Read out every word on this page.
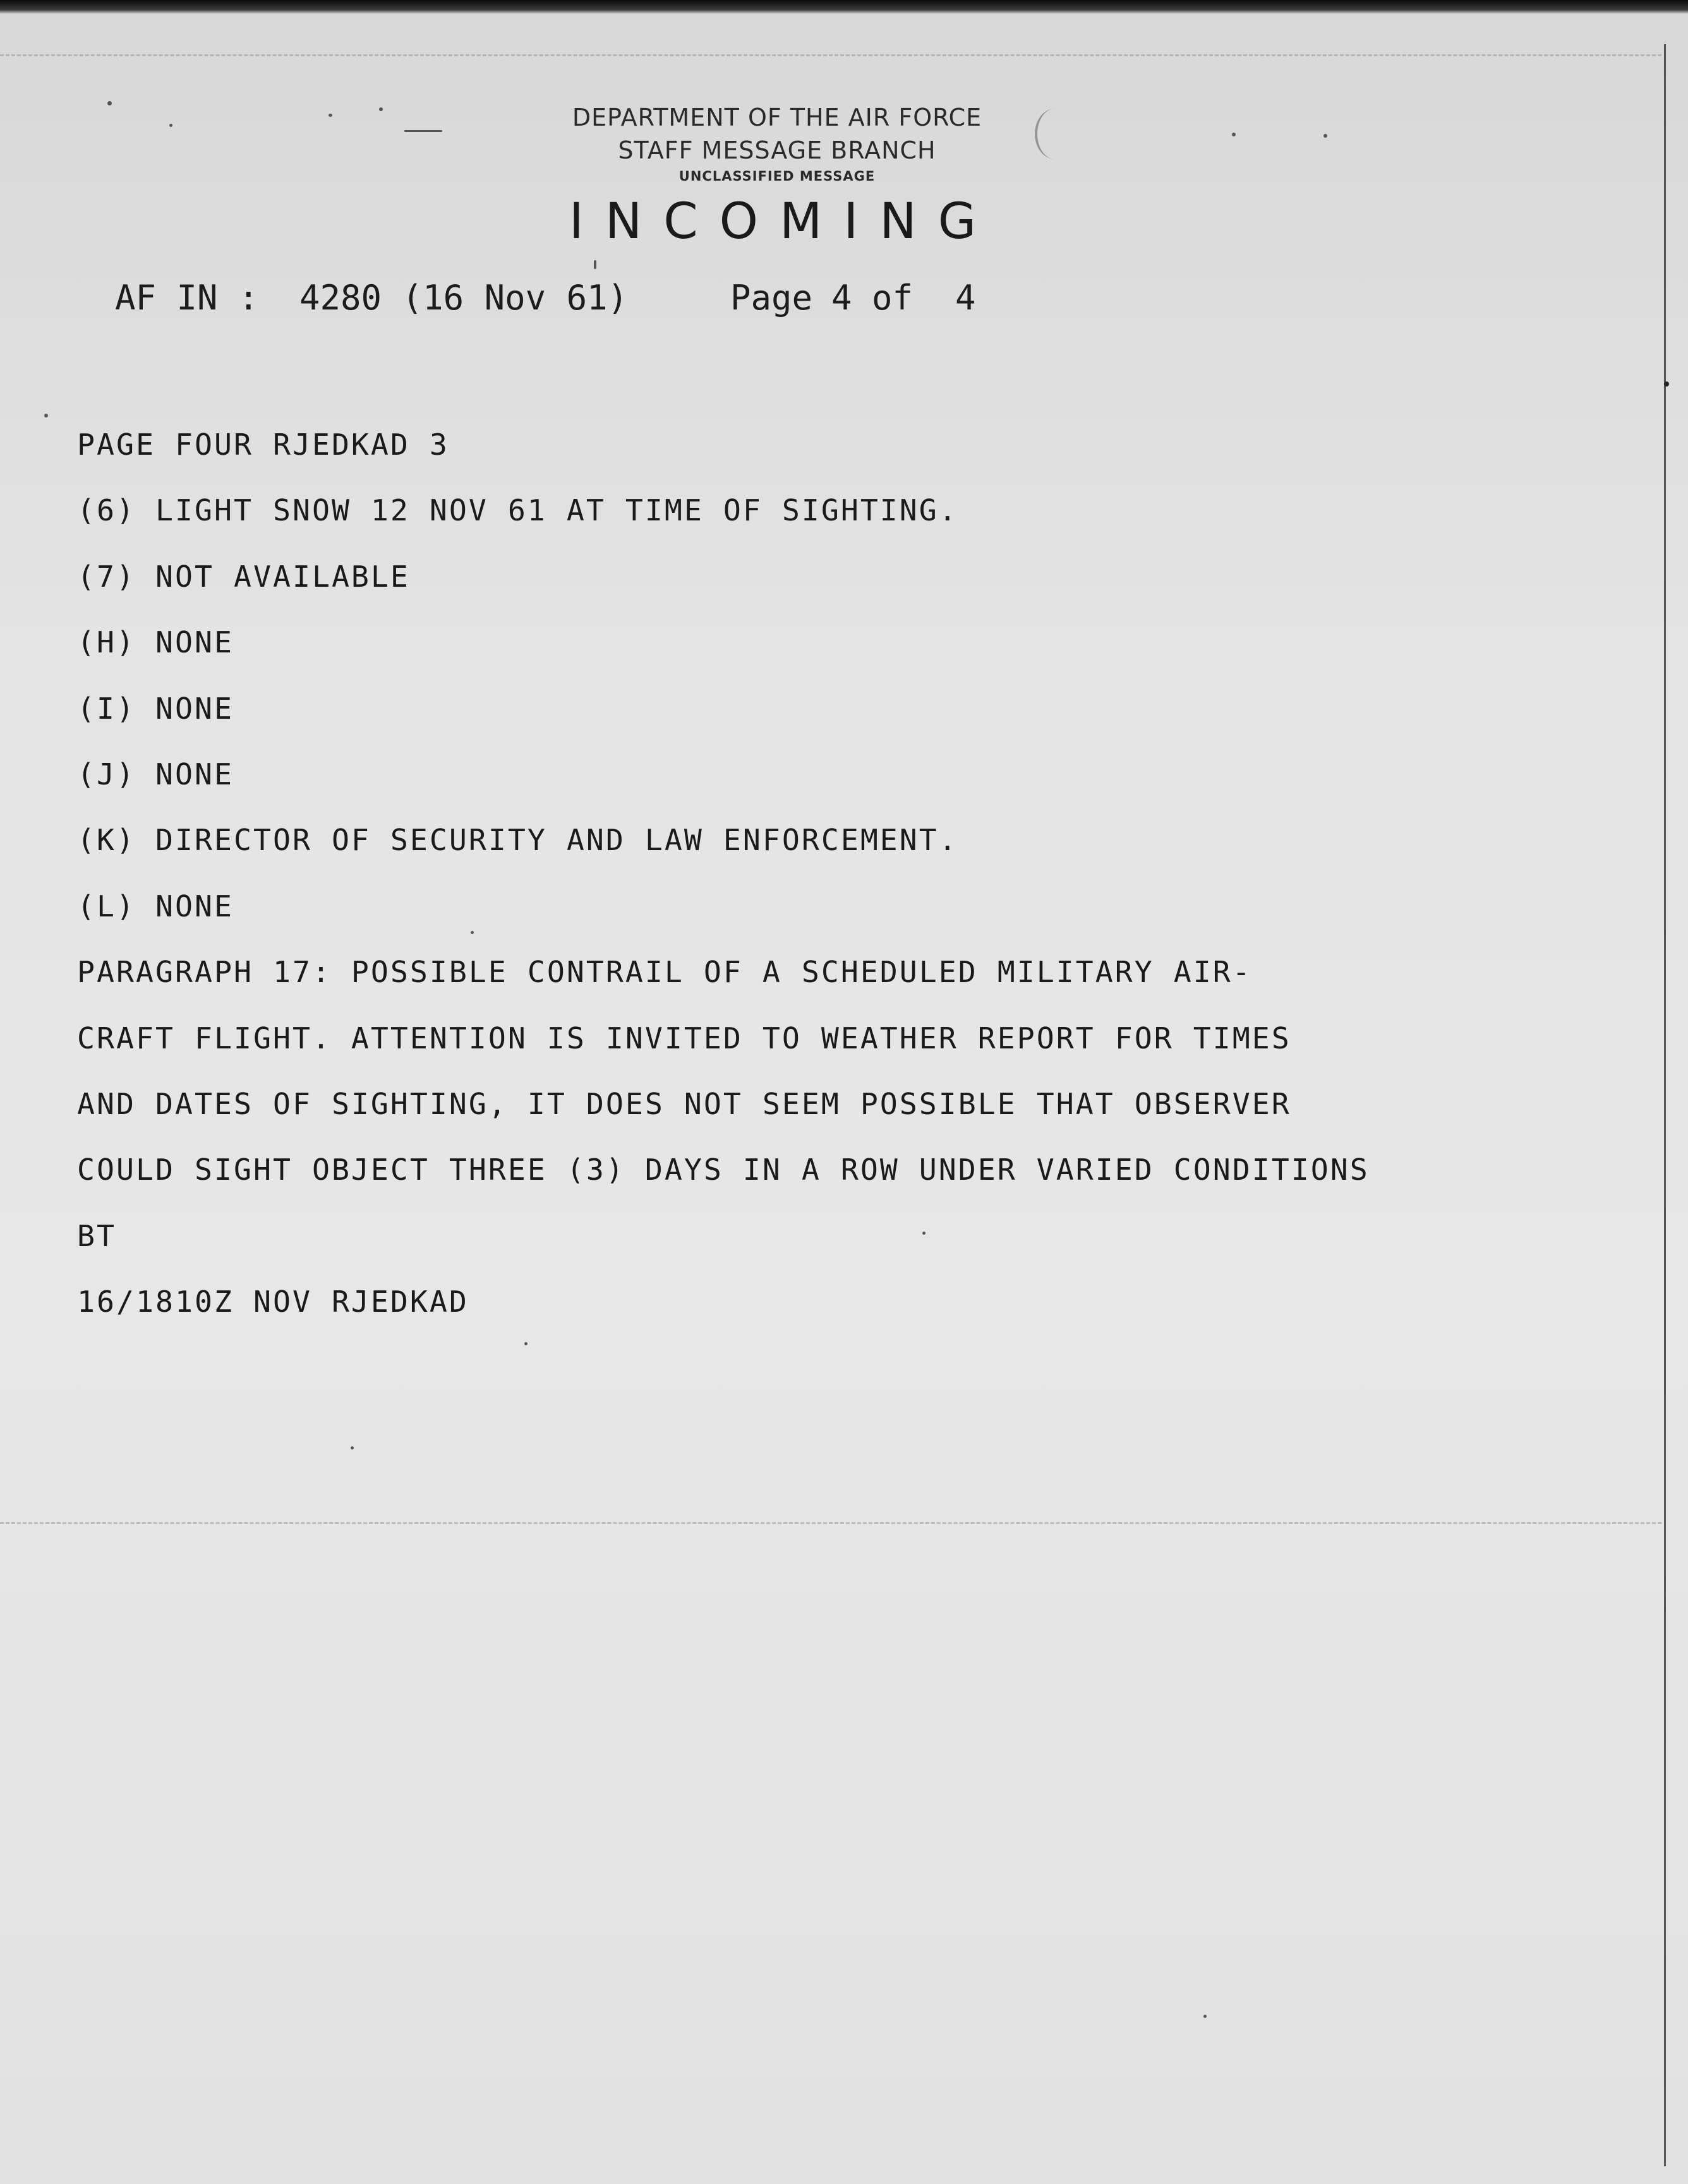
DEPARTMENT OF THE AIR FORCE
STAFF MESSAGE BRANCH
UNCLASSIFIED MESSAGE
INCOMING
AF IN : 4280 (16 Nov 61)	Page 4 of 4
PAGE FOUR RJEDKAD 3
(6) LIGHT SNOW 12 NOV 61 AT TIME OF SIGHTING.
(7) NOT AVAILABLE
(H) NONE
(I) NONE
(J) NONE
(K) DIRECTOR OF SECURITY AND LAW ENFORCEMENT.
(L) NONE
PARAGRAPH 17: POSSIBLE CONTRAIL OF A SCHEDULED MILITARY AIR-
CRAFT FLIGHT. ATTENTION IS INVITED TO WEATHER REPORT FOR TIMES
AND DATES OF SIGHTING, IT DOES NOT SEEM POSSIBLE THAT OBSERVER
COULD SIGHT OBJECT THREE (3) DAYS IN A ROW UNDER VARIED CONDITIONS
BT
16/1810Z NOV RJEDKAD
